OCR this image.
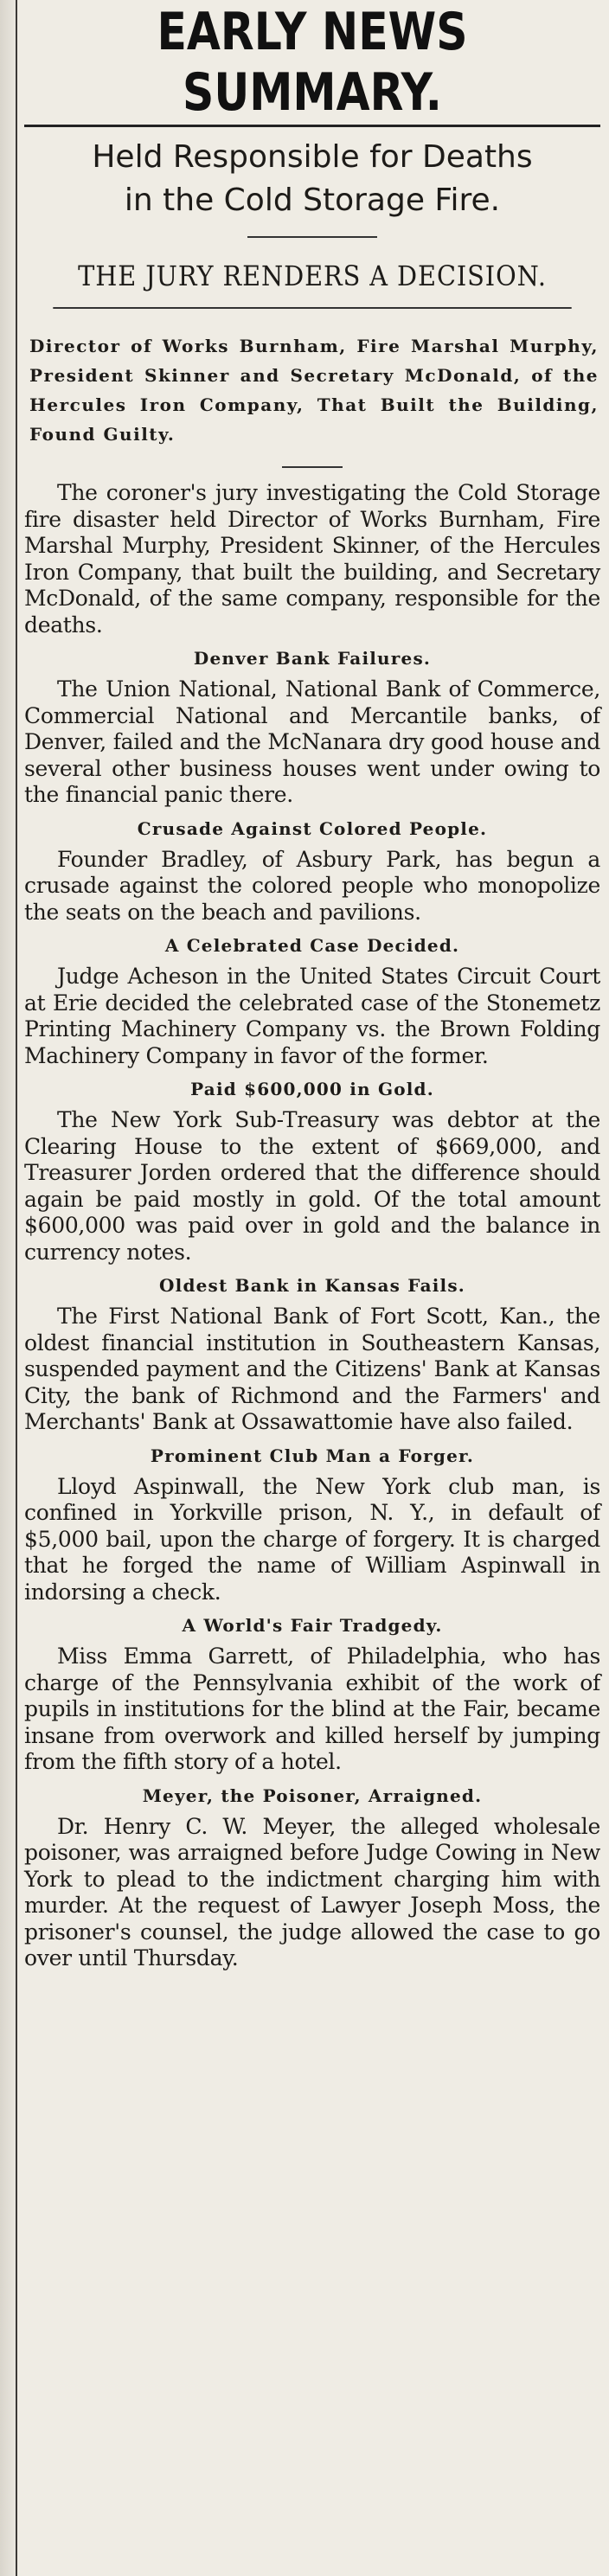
EARLY NEWS SUMMARY.
Held Responsible for Deaths
in the Cold Storage Fire.
THE JURY RENDERS A DECISION.

Director of Works Burnham, Fire Marshal Murphy, President Skinner and Secretary McDonald, of the Hercules Iron Company, That Built the Building, Found Guilty.

The coroner's jury investigating the Cold Storage fire disaster held Director of Works Burnham, Fire Marshal Murphy, President Skinner, of the Hercules Iron Company, that built the building, and Secretary McDonald, of the same company, responsible for the deaths.

Denver Bank Failures.

The Union National, National Bank of Commerce, Commercial National and Mercantile banks, of Denver, failed and the McNanara dry good house and several other business houses went under owing to the financial panic there.

Crusade Against Colored People.

Founder Bradley, of Asbury Park, has begun a crusade against the colored people who monopolize the seats on the beach and pavilions.

A Celebrated Case Decided.

Judge Acheson in the United States Circuit Court at Erie decided the celebrated case of the Stonemetz Printing Machinery Company vs. the Brown Folding Machinery Company in favor of the former.

Paid $600,000 in Gold.

The New York Sub-Treasury was debtor at the Clearing House to the extent of $669,000, and Treasurer Jorden ordered that the difference should again be paid mostly in gold. Of the total amount $600,000 was paid over in gold and the balance in currency notes.

Oldest Bank in Kansas Fails.

The First National Bank of Fort Scott, Kan., the oldest financial institution in Southeastern Kansas, suspended payment and the Citizens' Bank at Kansas City, the bank of Richmond and the Farmers' and Merchants' Bank at Ossawattomie have also failed.

Prominent Club Man a Forger.

Lloyd Aspinwall, the New York club man, is confined in Yorkville prison, N. Y., in default of $5,000 bail, upon the charge of forgery. It is charged that he forged the name of William Aspinwall in indorsing a check.

A World's Fair Tradgedy.

Miss Emma Garrett, of Philadelphia, who has charge of the Pennsylvania exhibit of the work of pupils in institutions for the blind at the Fair, became insane from overwork and killed herself by jumping from the fifth story of a hotel.

Meyer, the Poisoner, Arraigned.

Dr. Henry C. W. Meyer, the alleged wholesale poisoner, was arraigned before Judge Cowing in New York to plead to the indictment charging him with murder. At the request of Lawyer Joseph Moss, the prisoner's counsel, the judge allowed the case to go over until Thursday.
